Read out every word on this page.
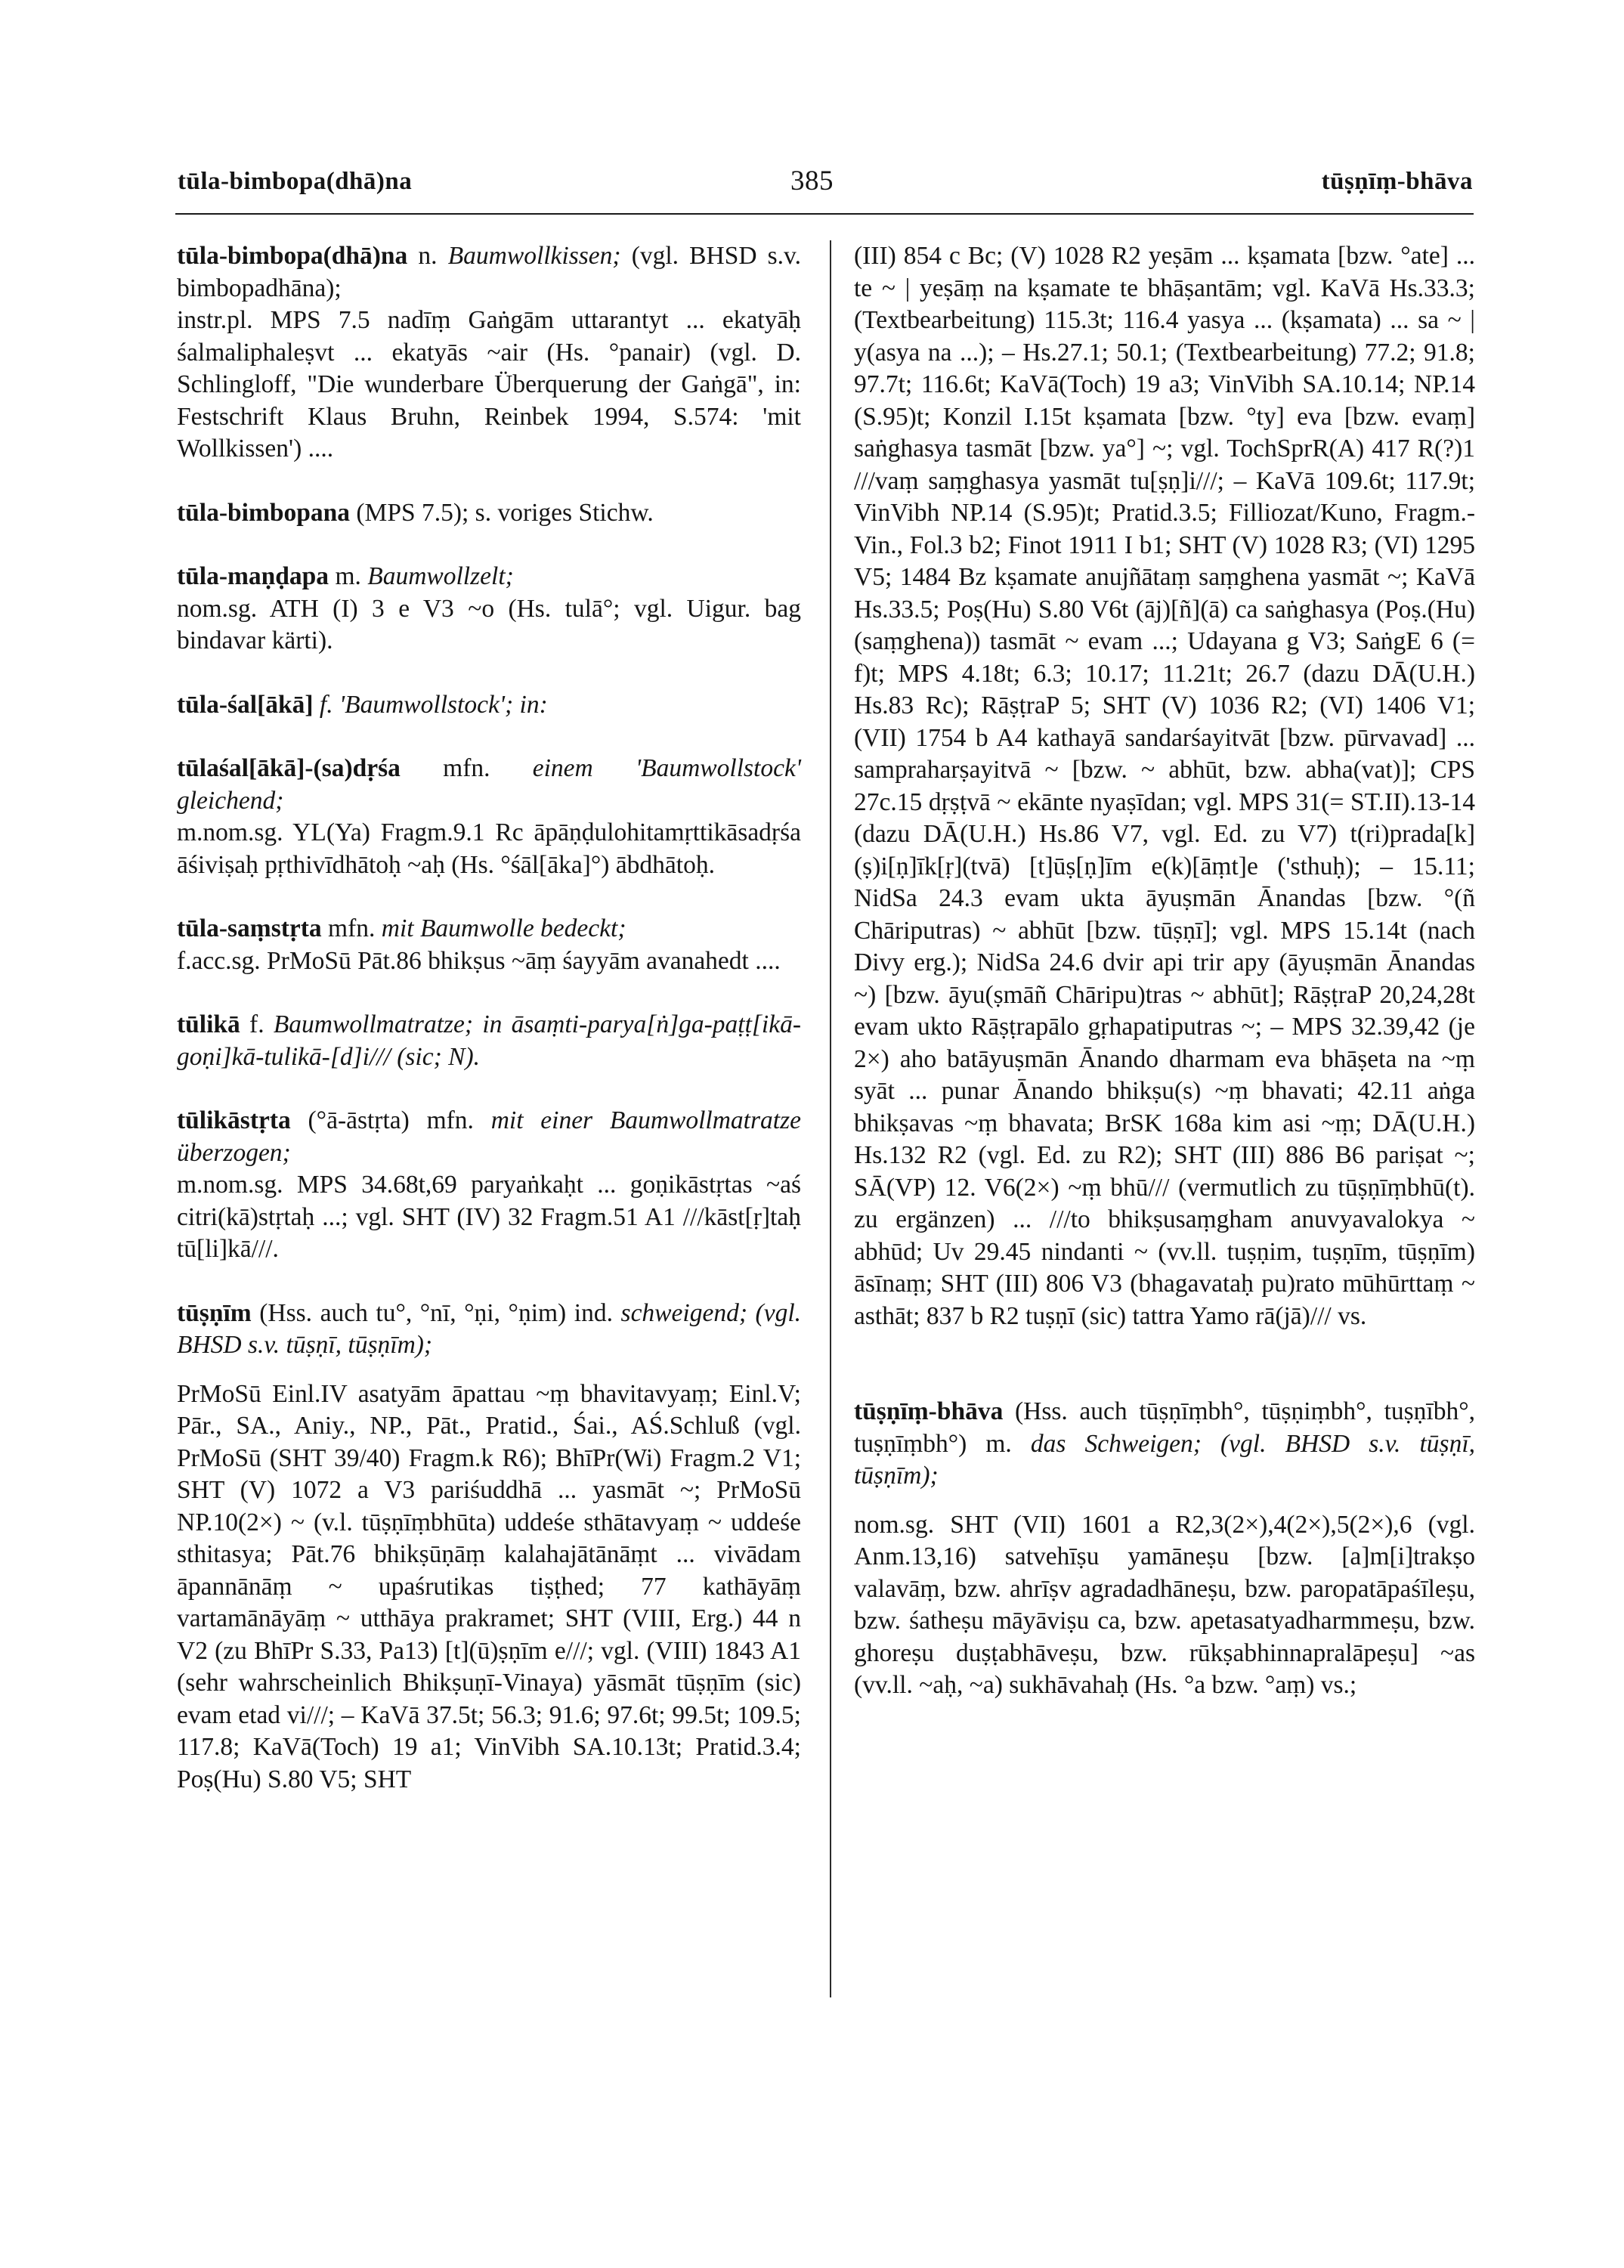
tūla-bimbopa(dhā)na	385	tūṣṇīṃ-bhāva

tūla-bimbopa(dhā)na n. Baumwollkissen; (vgl. BHSD s.v. bimbopadhāna);

instr.pl. MPS 7.5 nadīṃ Gaṅgām uttarantyt ... ekatyāḥ śalmaliphaleṣvt ... ekatyās ~air (Hs. °panair) (vgl. D. Schlingloff, "Die wunderbare Überquerung der Gaṅgā", in: Festschrift Klaus Bruhn, Reinbek 1994, S.574: 'mit Wollkissen') ....

tūla-bimbopana (MPS 7.5); s. voriges Stichw.

tūla-maṇḍapa m. Baumwollzelt;

nom.sg. ATH (I) 3 e V3 ~o (Hs. tulā°; vgl. Uigur. bag bindavar kärti).

tūla-śal[ākā] f. 'Baumwollstock'; in:

tūlaśal[ākā]-(sa)dṛśa mfn. einem 'Baumwollstock' gleichend;

m.nom.sg. YL(Ya) Fragm.9.1 Rc āpāṇḍulohitamṛttikāsadṛśa āśiviṣaḥ pṛthivīdhātoḥ ~aḥ (Hs. °śāl[āka]°) ābdhātoḥ.

tūla-saṃstṛta mfn. mit Baumwolle bedeckt;

f.acc.sg. PrMoSū Pāt.86 bhikṣus ~āṃ śayyām avanahedt ....

tūlikā f. Baumwollmatratze; in āsaṃti-parya[ṅ]ga-paṭṭ[ikā-goṇi]kā-tulikā-[d]i/// (sic; N).

tūlikāstṛta (°ā-āstṛta) mfn. mit einer Baumwollmatratze überzogen;

m.nom.sg. MPS 34.68t,69 paryaṅkaḥt ... goṇikāstṛtas ~aś citri(kā)stṛtaḥ ...; vgl. SHT (IV) 32 Fragm.51 A1 ///kāst[ṛ]taḥ tū[li]kā///.

tūṣṇīm (Hss. auch tu°, °nī, °ṇi, °ṇim) ind. schweigend; (vgl. BHSD s.v. tūṣṇī, tūṣṇīm);

PrMoSū Einl.IV asatyām āpattau ~ṃ bhavitavyaṃ; Einl.V; Pār., SA., Aniy., NP., Pāt., Pratid., Śai., AŚ.Schluß (vgl. PrMoSū (SHT 39/40) Fragm.k R6); BhīPr(Wi) Fragm.2 V1; SHT (V) 1072 a V3 pariśuddhā ... yasmāt ~; PrMoSū NP.10(2×) ~ (v.l. tūṣṇīṃbhūta) uddeśe sthātavyaṃ ~ uddeśe sthitasya; Pāt.76 bhikṣūṇāṃ kalahajātānāṃt ... vivādam āpannānāṃ ~ upaśrutikas tiṣṭhed; 77 kathāyāṃ vartamānāyāṃ ~ utthāya prakramet; SHT (VIII, Erg.) 44 n V2 (zu BhīPr S.33, Pa13) [t](ū)ṣṇīm e///; vgl. (VIII) 1843 A1 (sehr wahrscheinlich Bhikṣuṇī-Vinaya) yāsmāt tūṣṇīm (sic) evam etad vi///; – KaVā 37.5t; 56.3; 91.6; 97.6t; 99.5t; 109.5; 117.8; KaVā(Toch) 19 a1; VinVibh SA.10.13t; Pratid.3.4; Poṣ(Hu) S.80 V5; SHT

(III) 854 c Bc; (V) 1028 R2 yeṣām ... kṣamata [bzw. °ate] ... te ~ | yeṣāṃ na kṣamate te bhāṣantām; vgl. KaVā Hs.33.3; (Textbearbeitung) 115.3t; 116.4 yasya ... (kṣamata) ... sa ~ | y(asya na ...); – Hs.27.1; 50.1; (Textbearbeitung) 77.2; 91.8; 97.7t; 116.6t; KaVā(Toch) 19 a3; VinVibh SA.10.14; NP.14 (S.95)t; Konzil I.15t kṣamata [bzw. °ty] eva [bzw. evaṃ] saṅghasya tasmāt [bzw. ya°] ~; vgl. TochSprR(A) 417 R(?)1 ///vaṃ saṃghasya yasmāt tu[ṣṇ]i///; – KaVā 109.6t; 117.9t; VinVibh NP.14 (S.95)t; Pratid.3.5; Filliozat/Kuno, Fragm.-Vin., Fol.3 b2; Finot 1911 I b1; SHT (V) 1028 R3; (VI) 1295 V5; 1484 Bz kṣamate anujñātaṃ saṃghena yasmāt ~; KaVā Hs.33.5; Poṣ(Hu) S.80 V6t (āj)[ñ](ā) ca saṅghasya (Poṣ.(Hu) (saṃghena)) tasmāt ~ evam ...; Udayana g V3; SaṅgE 6 (= f)t; MPS 4.18t; 6.3; 10.17; 11.21t; 26.7 (dazu DĀ(U.H.) Hs.83 Rc); RāṣṭraP 5; SHT (V) 1036 R2; (VI) 1406 V1; (VII) 1754 b A4 kathayā sandarśayitvāt [bzw. pūrvavad] ... sampraharṣayitvā ~ [bzw. ~ abhūt, bzw. abha(vat)]; CPS 27c.15 dṛṣṭvā ~ ekānte nyaṣīdan; vgl. MPS 31(= ST.II).13-14 (dazu DĀ(U.H.) Hs.86 V7, vgl. Ed. zu V7) t(ri)prada[k](ṣ)i[ṇ]īk[ṛ](tvā) [t]ūṣ[ṇ]īm e(k)[āṃt]e ('sthuḥ); – 15.11; NidSa 24.3 evam ukta āyuṣmān Ānandas [bzw. °(ñ Chāriputras) ~ abhūt [bzw. tūṣṇī]; vgl. MPS 15.14t (nach Divy erg.); NidSa 24.6 dvir api trir apy (āyuṣmān Ānandas ~) [bzw. āyu(ṣmāñ Chāripu)tras ~ abhūt]; RāṣṭraP 20,24,28t evam ukto Rāṣṭrapālo gṛhapatiputras ~; – MPS 32.39,42 (je 2×) aho batāyuṣmān Ānando dharmam eva bhāṣeta na ~ṃ syāt ... punar Ānando bhikṣu(s) ~ṃ bhavati; 42.11 aṅga bhikṣavas ~ṃ bhavata; BrSK 168a kim asi ~ṃ; DĀ(U.H.) Hs.132 R2 (vgl. Ed. zu R2); SHT (III) 886 B6 pariṣat ~; SĀ(VP) 12. V6(2×) ~ṃ bhū/// (vermutlich zu tūṣṇīṃbhū(t). zu ergänzen) ... ///to bhikṣusaṃgham anuvyavalokya ~ abhūd; Uv 29.45 nindanti ~ (vv.ll. tuṣṇim, tuṣṇīm, tūṣṇīm) āsīnaṃ; SHT (III) 806 V3 (bhagavataḥ pu)rato mūhūrttaṃ ~ asthāt; 837 b R2 tuṣṇī (sic) tattra Yamo rā(jā)/// vs.

tūṣṇīṃ-bhāva (Hss. auch tūṣṇīṃbh°, tūṣṇiṃbh°, tuṣṇībh°, tuṣṇīṃbh°) m. das Schweigen; (vgl. BHSD s.v. tūṣṇī, tūṣṇīm);

nom.sg. SHT (VII) 1601 a R2,3(2×),4(2×),5(2×),6 (vgl. Anm.13,16) satvehīṣu yamāneṣu [bzw. [a]m[i]trakṣo valavāṃ, bzw. ahrīṣv agradadhāneṣu, bzw. paropatāpaśīleṣu, bzw. śatheṣu māyāviṣu ca, bzw. apetasatyadharmmeṣu, bzw. ghoreṣu duṣṭabhāveṣu, bzw. rūkṣabhinnapralāpeṣu] ~as (vv.ll. ~aḥ, ~a) sukhāvahaḥ (Hs. °a bzw. °aṃ) vs.;
